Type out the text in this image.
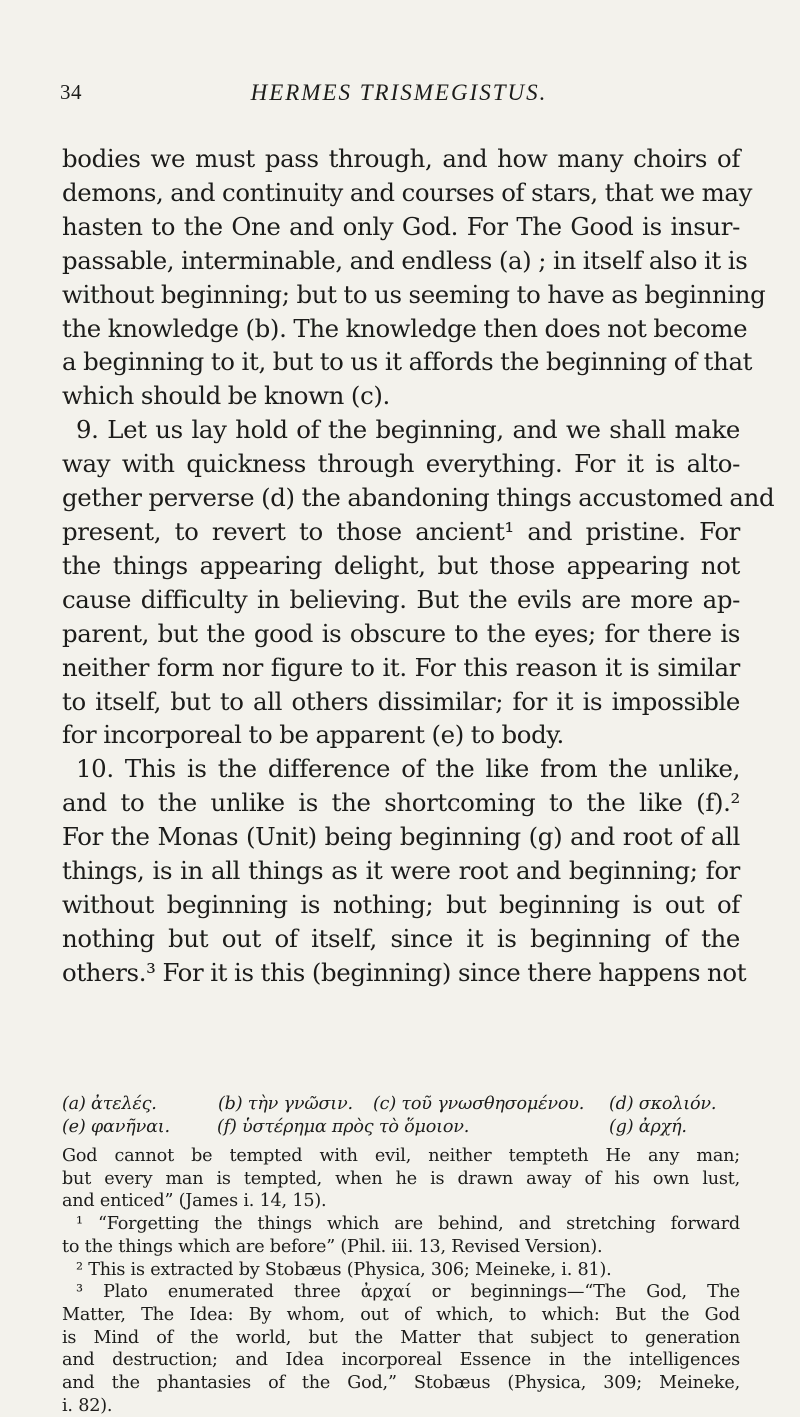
34	HERMES TRISMEGISTUS.
bodies we must pass through, and how many choirs of
demons, and continuity and courses of stars, that we may
hasten to the One and only God. For The Good is insur-
passable, interminable, and endless (a) ; in itself also it is
without beginning; but to us seeming to have as beginning
the knowledge (b). The knowledge then does not become
a beginning to it, but to us it affords the beginning of that
which should be known (c).
9. Let us lay hold of the beginning, and we shall make
way with quickness through everything. For it is alto-
gether perverse (d) the abandoning things accustomed and
present, to revert to those ancient¹ and pristine. For
the things appearing delight, but those appearing not
cause difficulty in believing. But the evils are more ap-
parent, but the good is obscure to the eyes; for there is
neither form nor figure to it. For this reason it is similar
to itself, but to all others dissimilar; for it is impossible
for incorporeal to be apparent (e) to body.
10. This is the difference of the like from the unlike,
and to the unlike is the shortcoming to the like (f).²
For the Monas (Unit) being beginning (g) and root of all
things, is in all things as it were root and beginning; for
without beginning is nothing; but beginning is out of
nothing but out of itself, since it is beginning of the
others.³ For it is this (beginning) since there happens not
(a) ἀτελές.	(b) τὴν γνῶσιν.	(c) τοῦ γνωσθησομένου.	(d) σκολιόν.
(e) φανῆναι.	(f) ὑστέρημα πρὸς τὸ ὅμοιον.	(g) ἀρχή.
God cannot be tempted with evil, neither tempteth He any man;
but every man is tempted, when he is drawn away of his own lust,
and enticed” (James i. 14, 15).
¹ “Forgetting the things which are behind, and stretching forward
to the things which are before” (Phil. iii. 13, Revised Version).
² This is extracted by Stobæus (Physica, 306; Meineke, i. 81).
³ Plato enumerated three ἀρχαί or beginnings—“The God, The
Matter, The Idea: By whom, out of which, to which: But the God
is Mind of the world, but the Matter that subject to generation
and destruction; and Idea incorporeal Essence in the intelligences
and the phantasies of the God,” Stobæus (Physica, 309; Meineke,
i. 82).
